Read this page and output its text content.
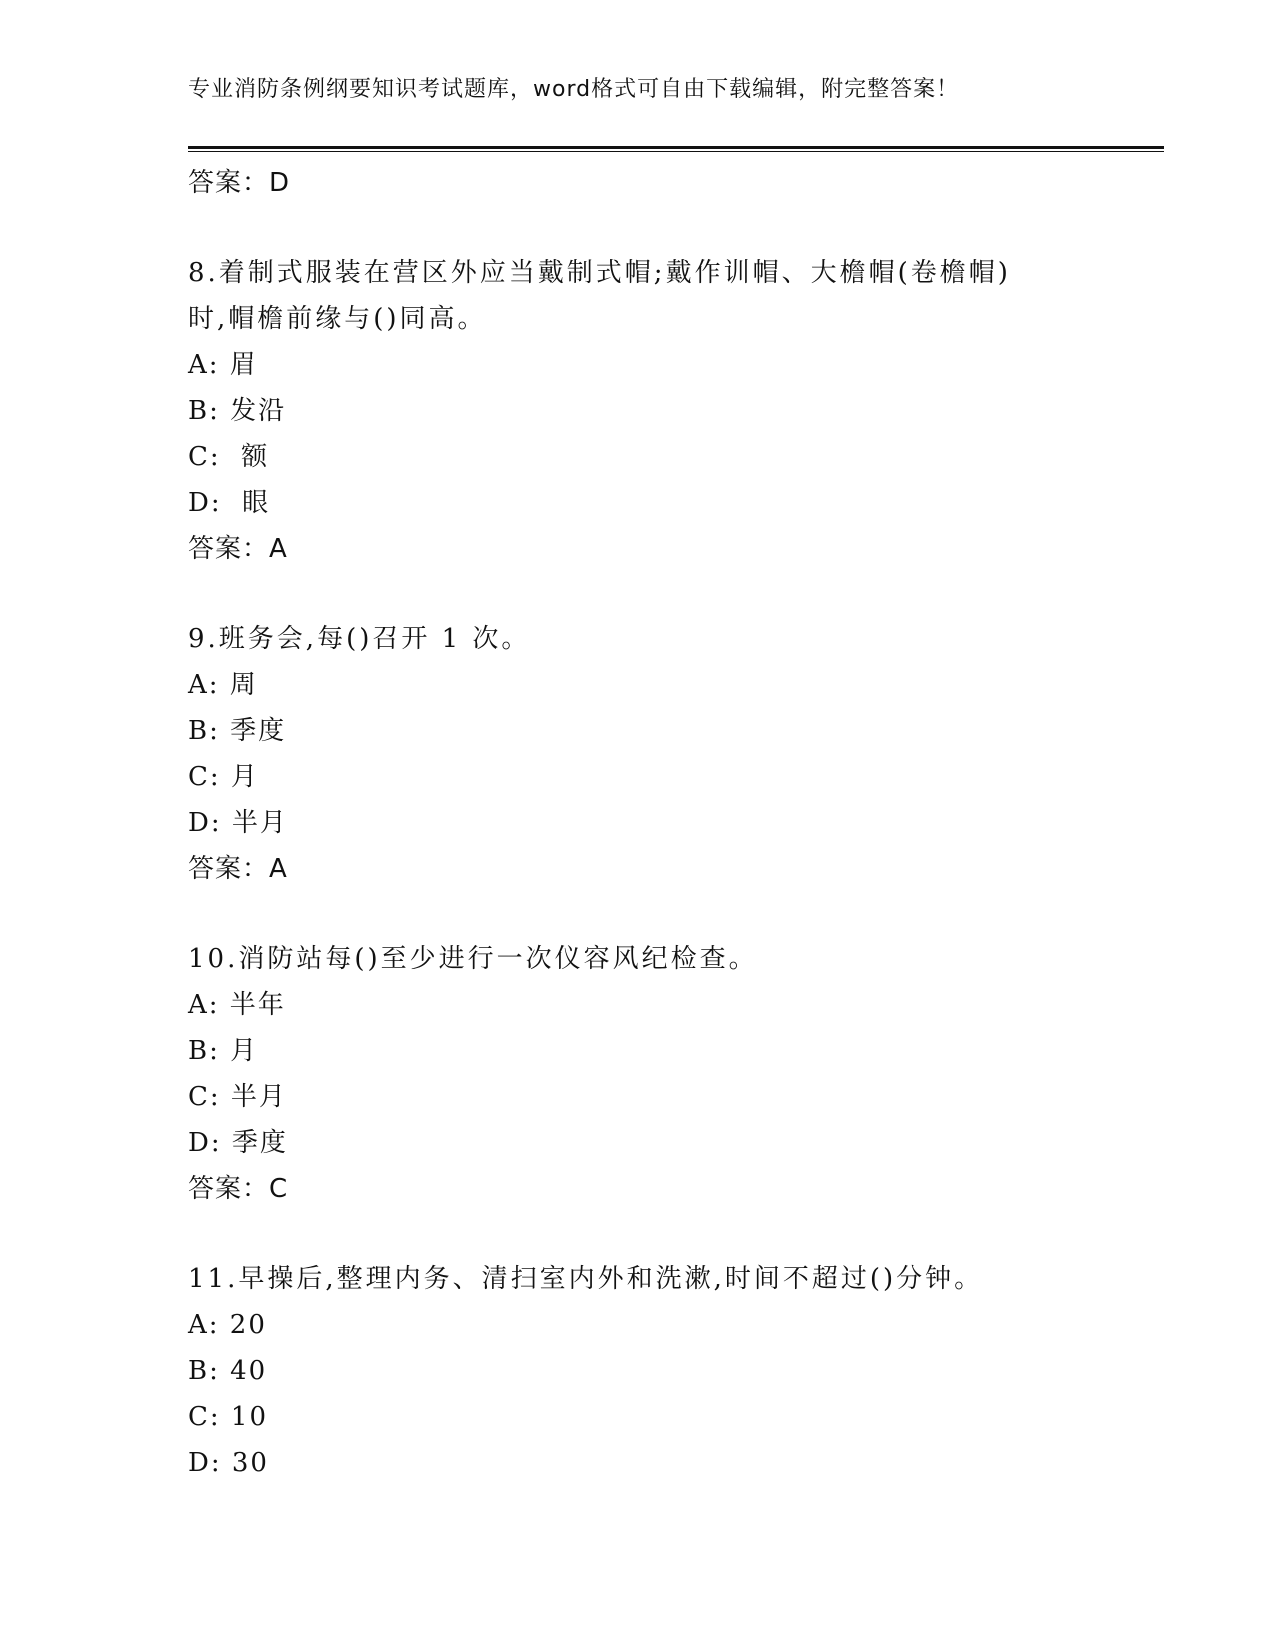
专业消防条例纲要知识考试题库，word格式可自由下载编辑，附完整答案！
答案：D
8.着制式服装在营区外应当戴制式帽;戴作训帽、大檐帽(卷檐帽)时,帽檐前缘与()同高。
A: 眉
B: 发沿
C:  额
D:  眼
答案：A
9.班务会,每()召开 1 次。
A: 周
B: 季度
C: 月
D: 半月
答案：A
10.消防站每()至少进行一次仪容风纪检查。
A: 半年
B: 月
C: 半月
D: 季度
答案：C
11.早操后,整理内务、清扫室内外和洗漱,时间不超过()分钟。
A: 20
B: 40
C: 10
D: 30
